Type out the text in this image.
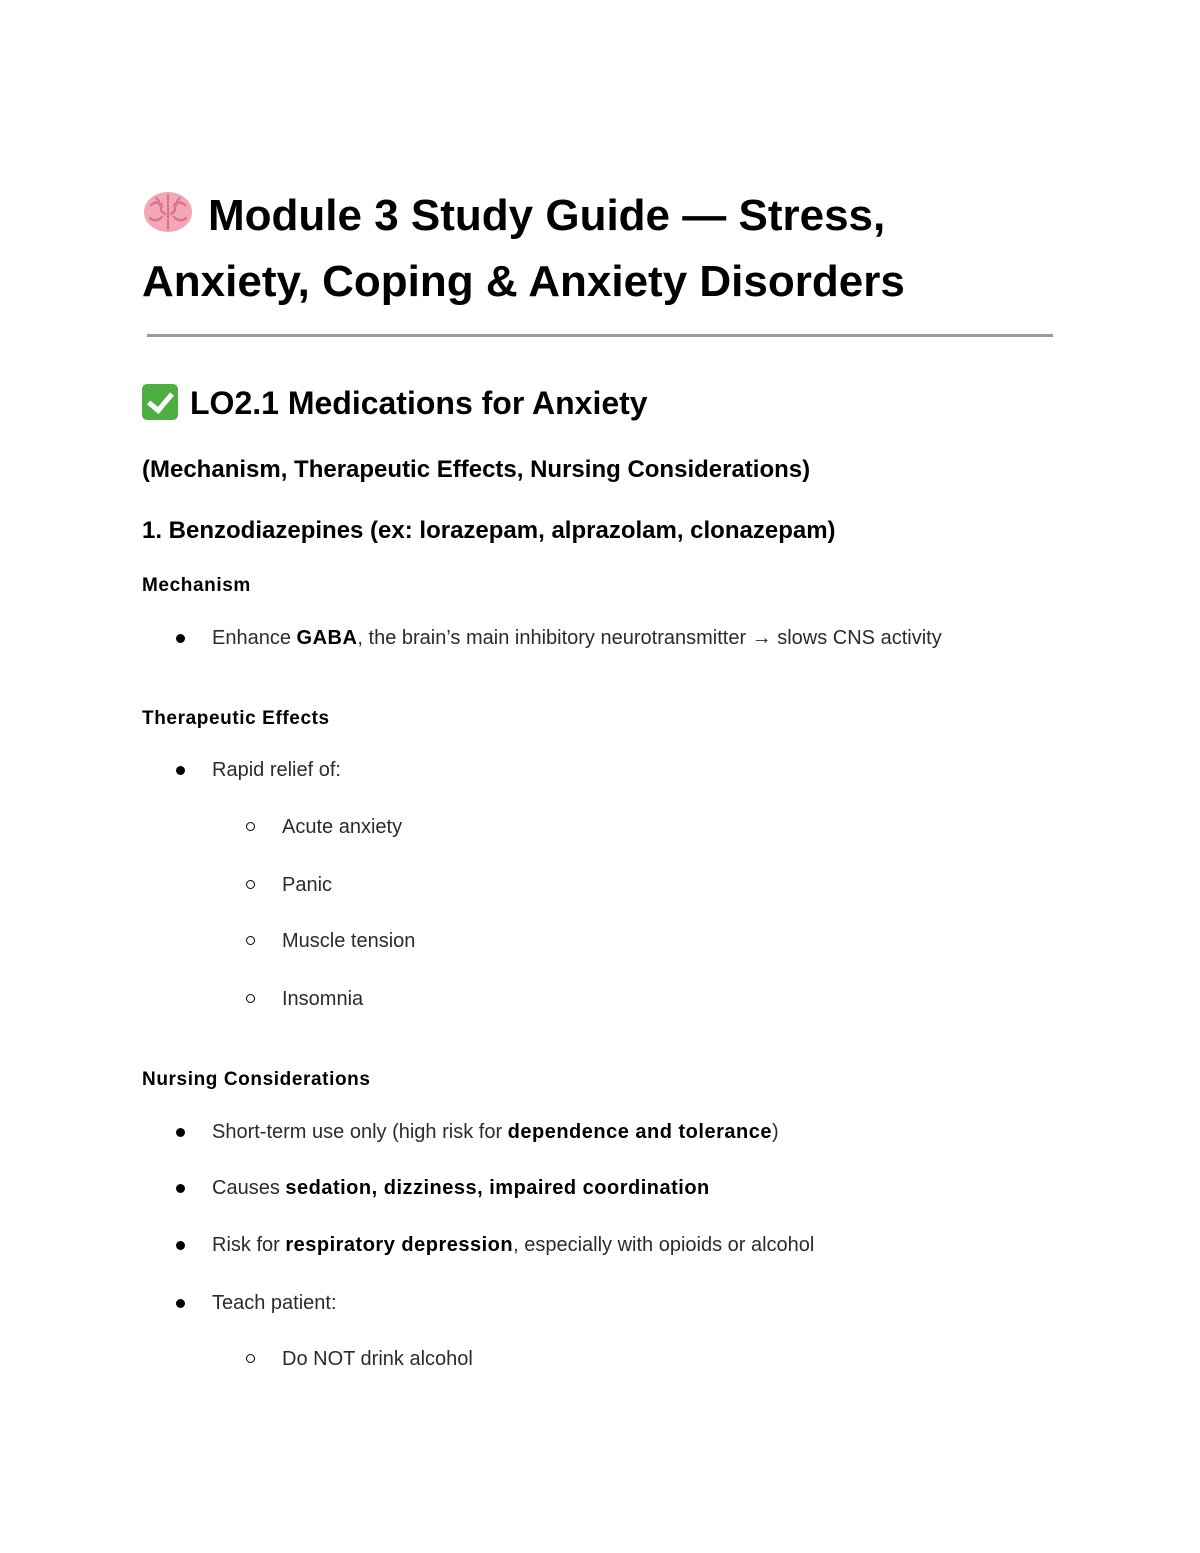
Module 3 Study Guide — Stress,
Anxiety, Coping & Anxiety Disorders
LO2.1 Medications for Anxiety
(Mechanism, Therapeutic Effects, Nursing Considerations)
1. Benzodiazepines (ex: lorazepam, alprazolam, clonazepam)
Mechanism
Enhance GABA, the brain’s main inhibitory neurotransmitter → slows CNS activity
Therapeutic Effects
Rapid relief of:
Acute anxiety
Panic
Muscle tension
Insomnia
Nursing Considerations
Short-term use only (high risk for dependence and tolerance)
Causes sedation, dizziness, impaired coordination
Risk for respiratory depression, especially with opioids or alcohol
Teach patient:
Do NOT drink alcohol
